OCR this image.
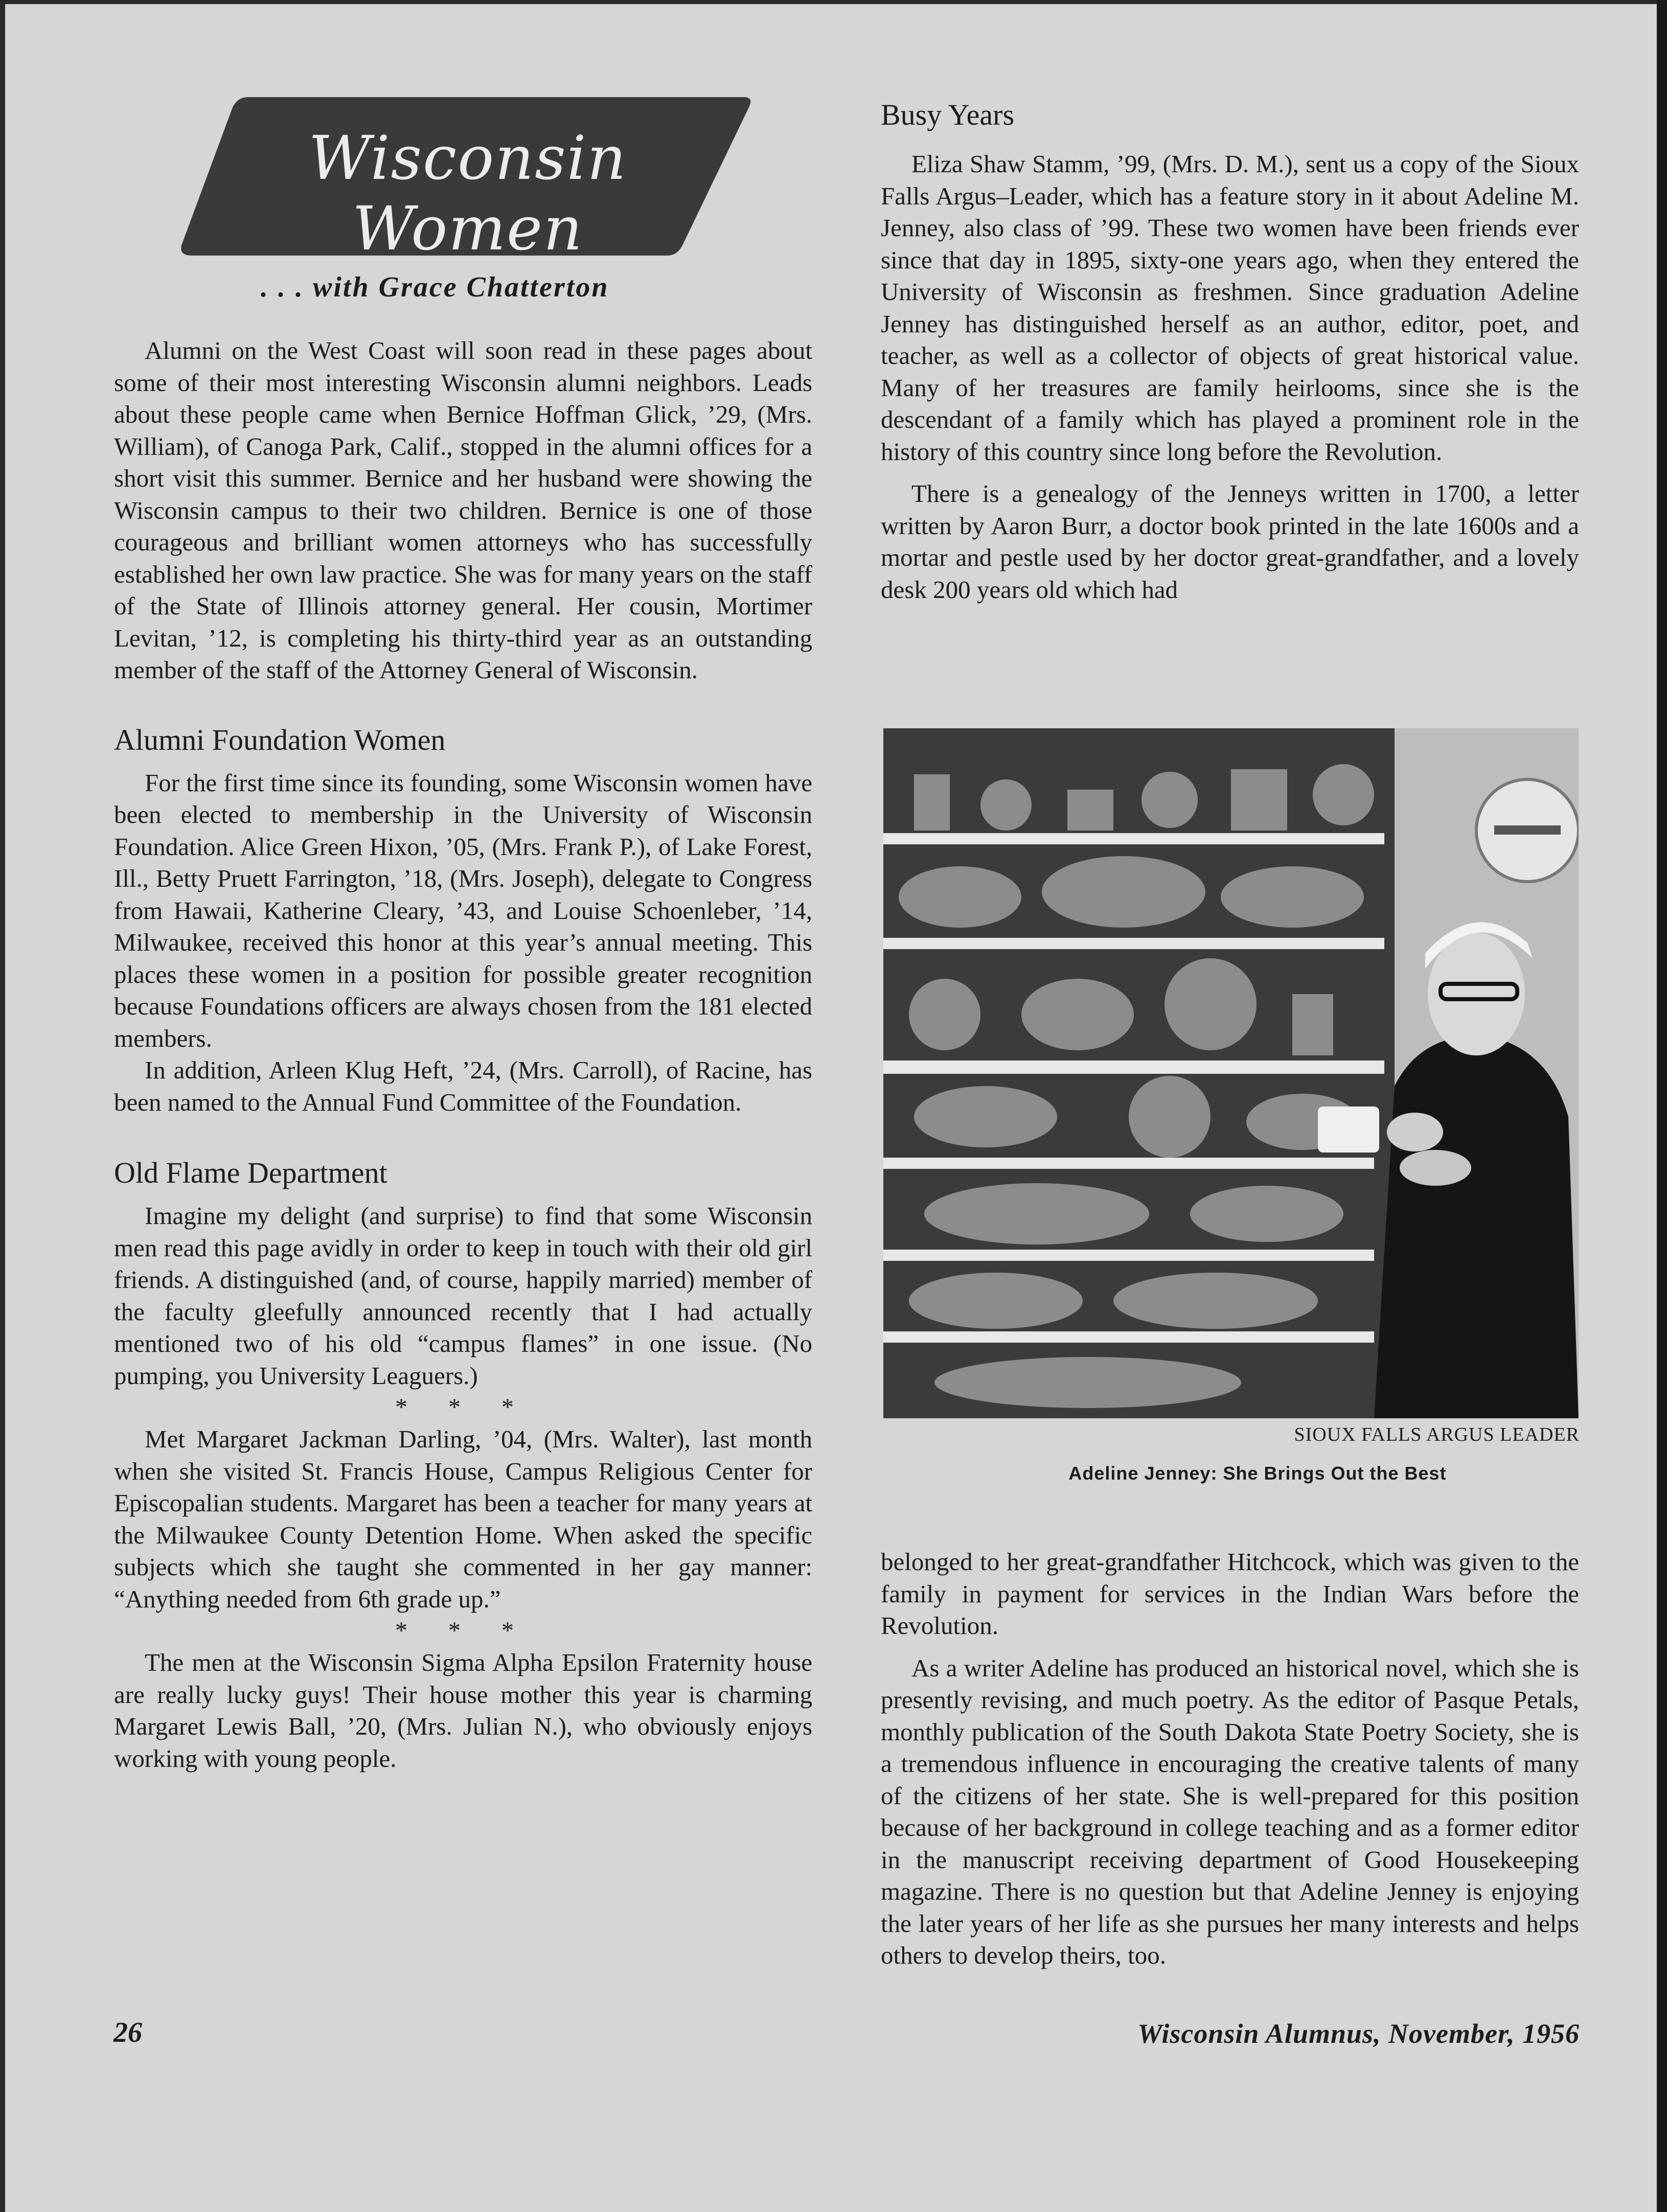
Wisconsin Women
. . . with Grace Chatterton

Alumni on the West Coast will soon read in these pages about some of their most interesting Wisconsin alumni neighbors. Leads about these people came when Bernice Hoffman Glick, ’29, (Mrs. William), of Canoga Park, Calif., stopped in the alumni offices for a short visit this summer. Bernice and her husband were showing the Wisconsin campus to their two children. Bernice is one of those courageous and brilliant women attorneys who has successfully established her own law practice. She was for many years on the staff of the State of Illinois attorney general. Her cousin, Mortimer Levitan, ’12, is completing his thirty-third year as an outstanding member of the staff of the Attorney General of Wisconsin.

Alumni Foundation Women

For the first time since its founding, some Wisconsin women have been elected to membership in the University of Wisconsin Foundation. Alice Green Hixon, ’05, (Mrs. Frank P.), of Lake Forest, Ill., Betty Pruett Farrington, ’18, (Mrs. Joseph), delegate to Congress from Hawaii, Katherine Cleary, ’43, and Louise Schoenleber, ’14, Milwaukee, received this honor at this year’s annual meeting. This places these women in a position for possible greater recognition because Foundations officers are always chosen from the 181 elected members.

In addition, Arleen Klug Heft, ’24, (Mrs. Carroll), of Racine, has been named to the Annual Fund Committee of the Foundation.

Old Flame Department

Imagine my delight (and surprise) to find that some Wisconsin men read this page avidly in order to keep in touch with their old girl friends. A distinguished (and, of course, happily married) member of the faculty gleefully announced recently that I had actually mentioned two of his old “campus flames” in one issue. (No pumping, you University Leaguers.)

* * *

Met Margaret Jackman Darling, ’04, (Mrs. Walter), last month when she visited St. Francis House, Campus Religious Center for Episcopalian students. Margaret has been a teacher for many years at the Milwaukee County Detention Home. When asked the specific subjects which she taught she commented in her gay manner: “Anything needed from 6th grade up.”

* * *

The men at the Wisconsin Sigma Alpha Epsilon Fraternity house are really lucky guys! Their house mother this year is charming Margaret Lewis Ball, ’20, (Mrs. Julian N.), who obviously enjoys working with young people.

Busy Years

Eliza Shaw Stamm, ’99, (Mrs. D. M.), sent us a copy of the Sioux Falls Argus–Leader, which has a feature story in it about Adeline M. Jenney, also class of ’99. These two women have been friends ever since that day in 1895, sixty-one years ago, when they entered the University of Wisconsin as freshmen. Since graduation Adeline Jenney has distinguished herself as an author, editor, poet, and teacher, as well as a collector of objects of great historical value. Many of her treasures are family heirlooms, since she is the descendant of a family which has played a prominent role in the history of this country since long before the Revolution.

There is a genealogy of the Jenneys written in 1700, a letter written by Aaron Burr, a doctor book printed in the late 1600s and a mortar and pestle used by her doctor great-grandfather, and a lovely desk 200 years old which had

SIOUX FALLS ARGUS LEADER
Adeline Jenney: She Brings Out the Best

belonged to her great-grandfather Hitchcock, which was given to the family in payment for services in the Indian Wars before the Revolution.

As a writer Adeline has produced an historical novel, which she is presently revising, and much poetry. As the editor of Pasque Petals, monthly publication of the South Dakota State Poetry Society, she is a tremendous influence in encouraging the creative talents of many of the citizens of her state. She is well-prepared for this position because of her background in college teaching and as a former editor in the manuscript receiving department of Good Housekeeping magazine. There is no question but that Adeline Jenney is enjoying the later years of her life as she pursues her many interests and helps others to develop theirs, too.

26	Wisconsin Alumnus, November, 1956
